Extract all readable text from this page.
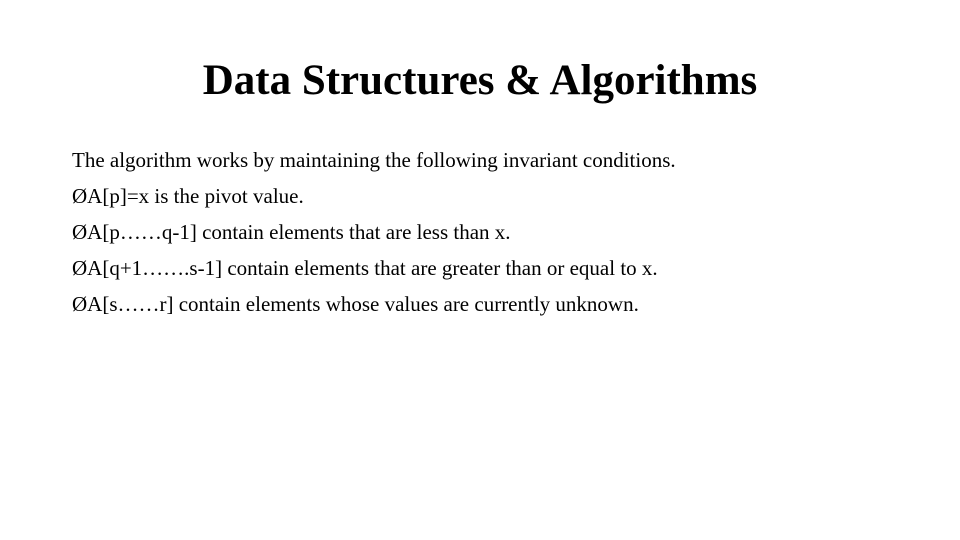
Data Structures & Algorithms

The algorithm works by maintaining the following invariant conditions.

ØA[p]=x is the pivot value.
ØA[p……q-1] contain elements that are less than x.
ØA[q+1…….s-1] contain elements that are greater than or equal to x.
ØA[s……r] contain elements whose values are currently unknown.
